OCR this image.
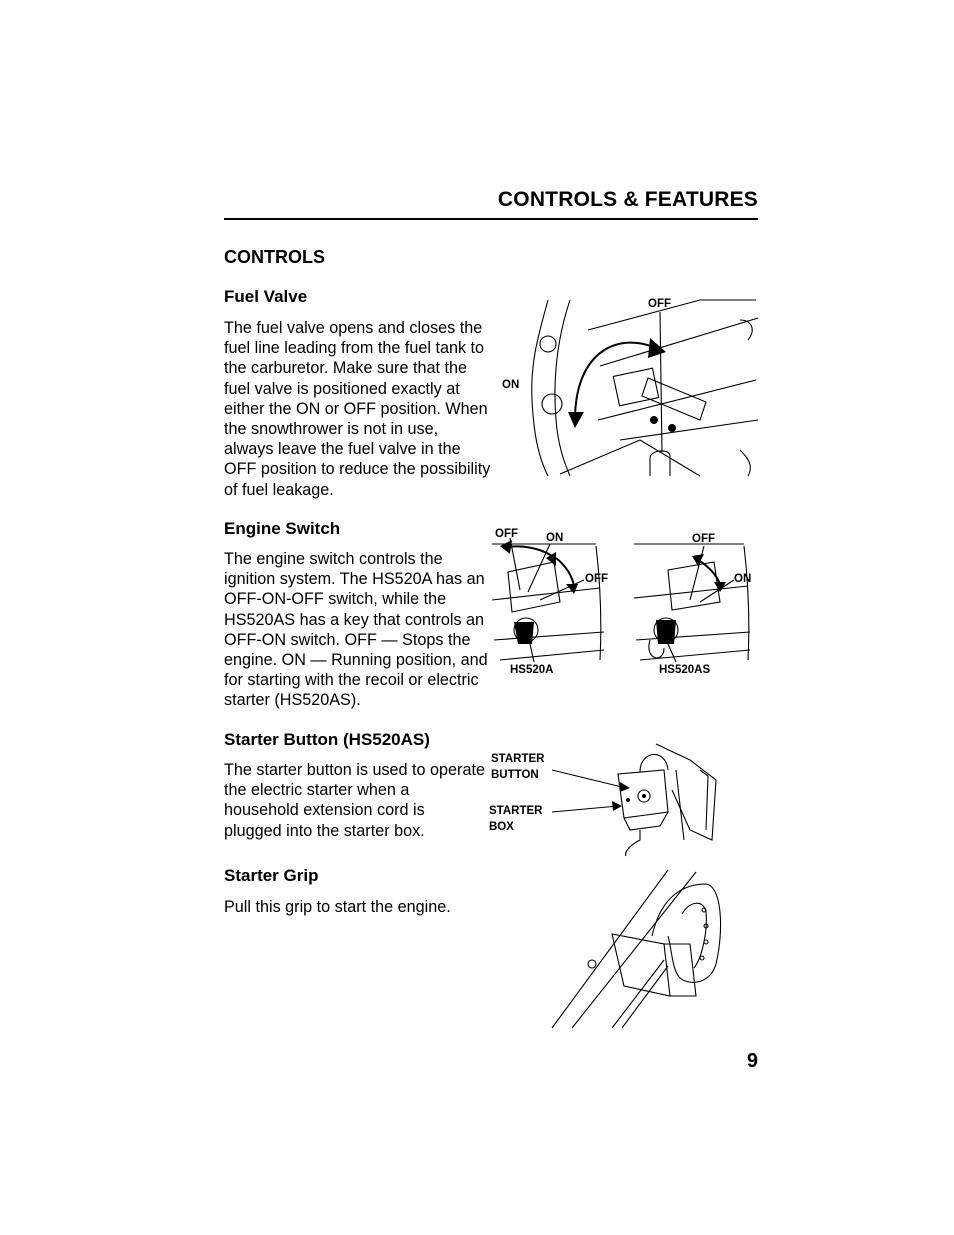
CONTROLS & FEATURES
CONTROLS
Fuel Valve
The fuel valve opens and closes the fuel line leading from the fuel tank to the carburetor. Make sure that the fuel valve is positioned exactly at either the ON or OFF position. When the snowthrower is not in use, always leave the fuel valve in the OFF position to reduce the possibility of fuel leakage.
OFF
ON
Engine Switch
The engine switch controls the ignition system. The HS520A has an OFF-ON-OFF switch, while the HS520AS has a key that controls an OFF-ON switch. OFF — Stops the engine. ON — Running position, and for starting with the recoil or electric starter (HS520AS).
OFF ON
OFF
HS520A
OFF
ON
HS520AS
Starter Button (HS520AS)
The starter button is used to operate the electric starter when a household extension cord is plugged into the starter box.
STARTER
BUTTON
STARTER
BOX
Starter Grip
Pull this grip to start the engine.
9
